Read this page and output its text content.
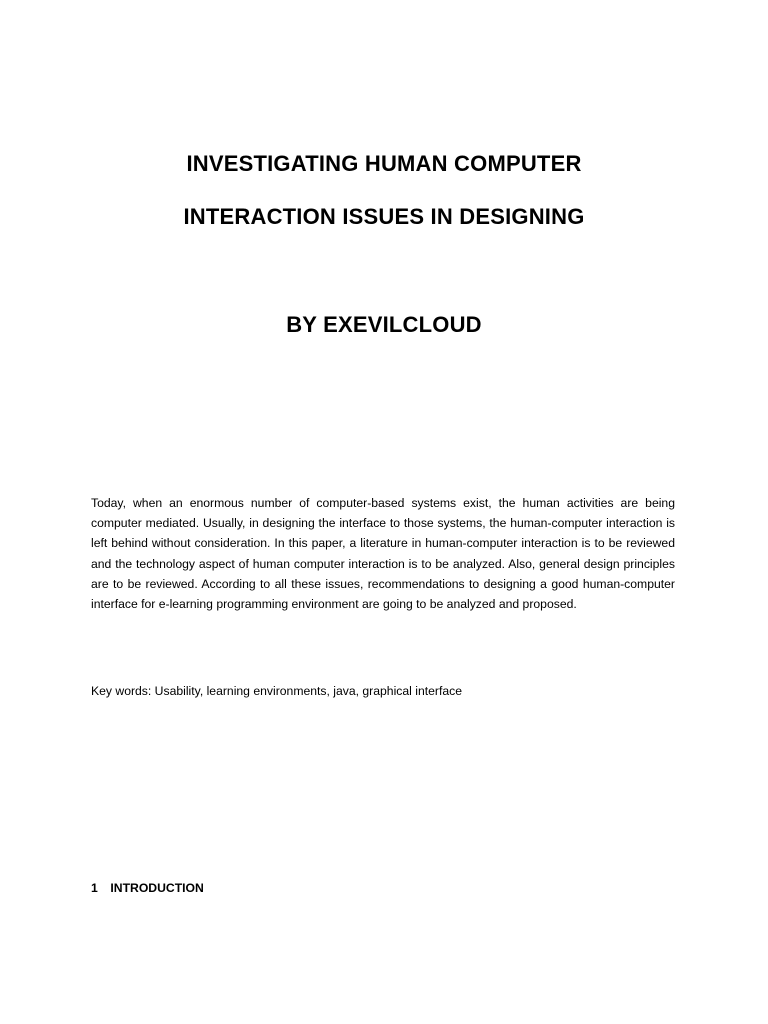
INVESTIGATING HUMAN COMPUTER
INTERACTION ISSUES IN DESIGNING
BY EXEVILCLOUD

Today, when an enormous number of computer-based systems exist, the human activities are being computer mediated. Usually, in designing the interface to those systems, the human-computer interaction is left behind without consideration. In this paper, a literature in human-computer interaction is to be reviewed and the technology aspect of human computer interaction is to be analyzed. Also, general design principles are to be reviewed. According to all these issues, recommendations to designing a good human-computer interface for e-learning programming environment are going to be analyzed and proposed.

Key words: Usability, learning environments, java, graphical interface
1 INTRODUCTION
